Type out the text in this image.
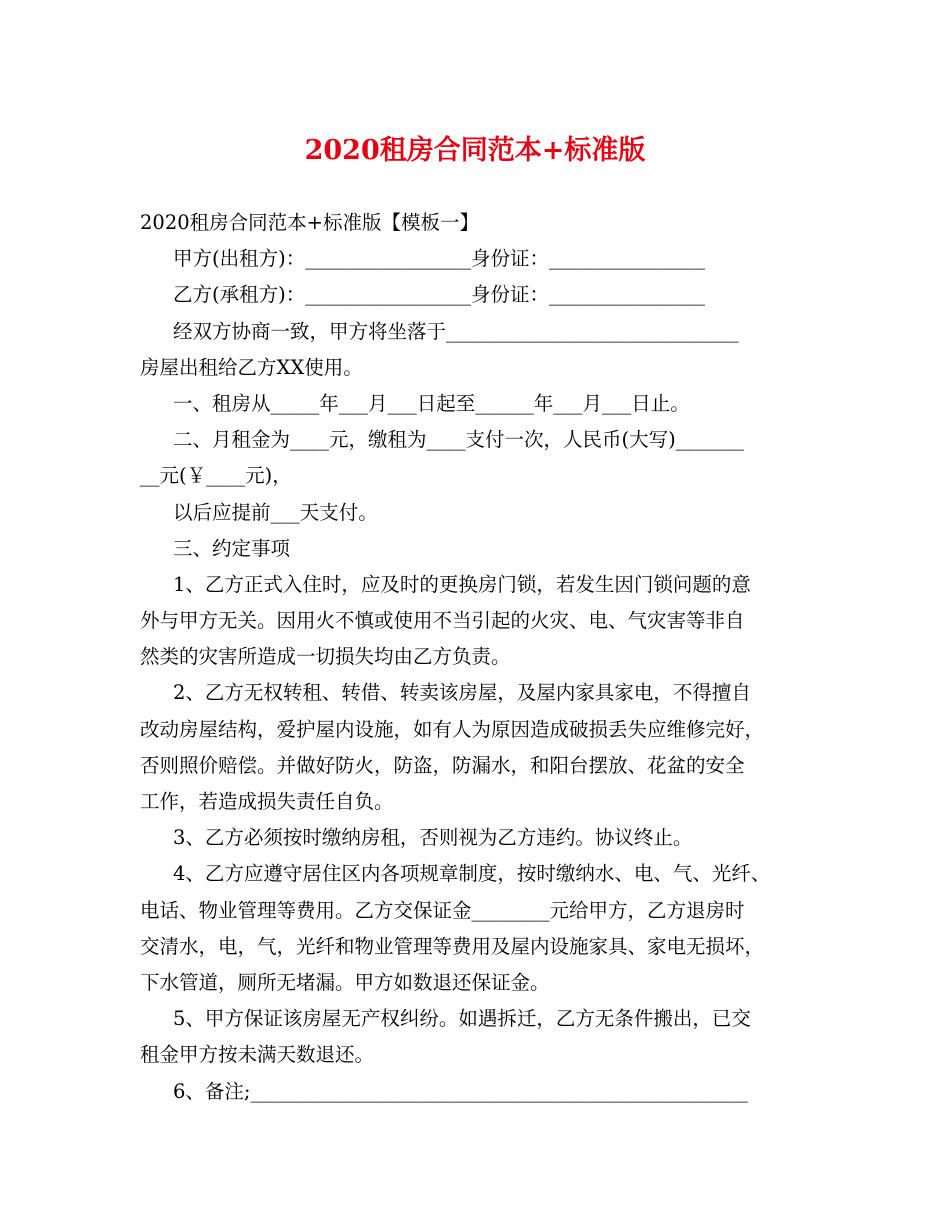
2020租房合同范本+标准版
2020租房合同范本+标准版【模板一】
甲方(出租方)：_________________身份证：________________
乙方(承租方)：_________________身份证：________________
经双方协商一致，甲方将坐落于______________________________
房屋出租给乙方XX使用。
一、租房从_____年___月___日起至______年___月___日止。
二、月租金为____元，缴租为____支付一次，人民币(大写)_______
__元(￥____元)，
以后应提前___天支付。
三、约定事项
1、乙方正式入住时，应及时的更换房门锁，若发生因门锁问题的意
外与甲方无关。因用火不慎或使用不当引起的火灾、电、气灾害等非自
然类的灾害所造成一切损失均由乙方负责。
2、乙方无权转租、转借、转卖该房屋，及屋内家具家电，不得擅自
改动房屋结构，爱护屋内设施，如有人为原因造成破损丢失应维修完好，
否则照价赔偿。并做好防火，防盗，防漏水，和阳台摆放、花盆的安全
工作，若造成损失责任自负。
3、乙方必须按时缴纳房租，否则视为乙方违约。协议终止。
4、乙方应遵守居住区内各项规章制度，按时缴纳水、电、气、光纤、
电话、物业管理等费用。乙方交保证金________元给甲方，乙方退房时
交清水，电，气，光纤和物业管理等费用及屋内设施家具、家电无损坏，
下水管道，厕所无堵漏。甲方如数退还保证金。
5、甲方保证该房屋无产权纠纷。如遇拆迁，乙方无条件搬出，已交
租金甲方按未满天数退还。
6、备注;___________________________________________________
